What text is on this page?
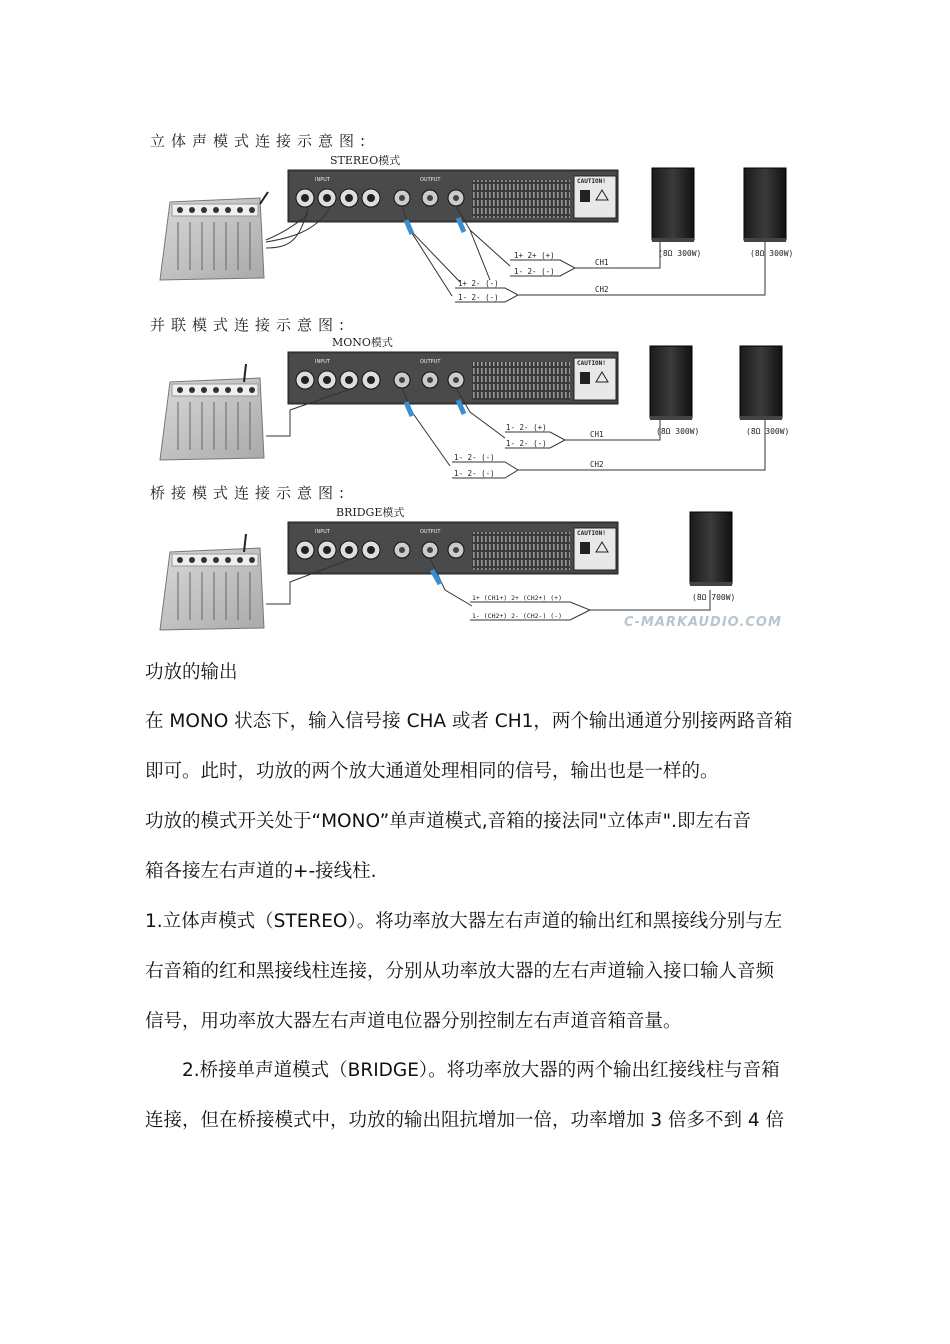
立体声模式连接示意图:
STEREO模式
INPUT	OUTPUT	CAUTION!
1+ 2+ (+)
1- 2- (-)
1+ 2- (-)
1- 2- (-)
CH1
CH2
(8Ω 300W)	(8Ω 300W)
并联模式连接示意图:
MONO模式
INPUT	OUTPUT	CAUTION!
1- 2- (+)
1- 2- (-)
1- 2- (-)
1- 2- (-)
CH1
CH2
(8Ω 300W)	(8Ω 300W)
桥接模式连接示意图:
BRIDGE模式
INPUT	OUTPUT	CAUTION!
1+ (CH1+) 2+ (CH2+) (+)
1- (CH2+) 2- (CH2-) (-)
(8Ω 700W)
C-MARKAUDIO.COM
功放的输出
在 MONO 状态下，输入信号接 CHA 或者 CH1，两个输出通道分别接两路音箱
即可。此时，功放的两个放大通道处理相同的信号，输出也是一样的。
功放的模式开关处于“MONO”单声道模式,音箱的接法同"立体声".即左右音
箱各接左右声道的+-接线柱.
1.立体声模式（STEREO）。将功率放大器左右声道的输出红和黑接线分别与左
右音箱的红和黑接线柱连接，分别从功率放大器的左右声道输入接口输人音频
信号，用功率放大器左右声道电位器分别控制左右声道音箱音量。
2.桥接单声道模式（BRIDGE）。将功率放大器的两个输出红接线柱与音箱
连接，但在桥接模式中，功放的输出阻抗增加一倍，功率增加 3 倍多不到 4 倍
